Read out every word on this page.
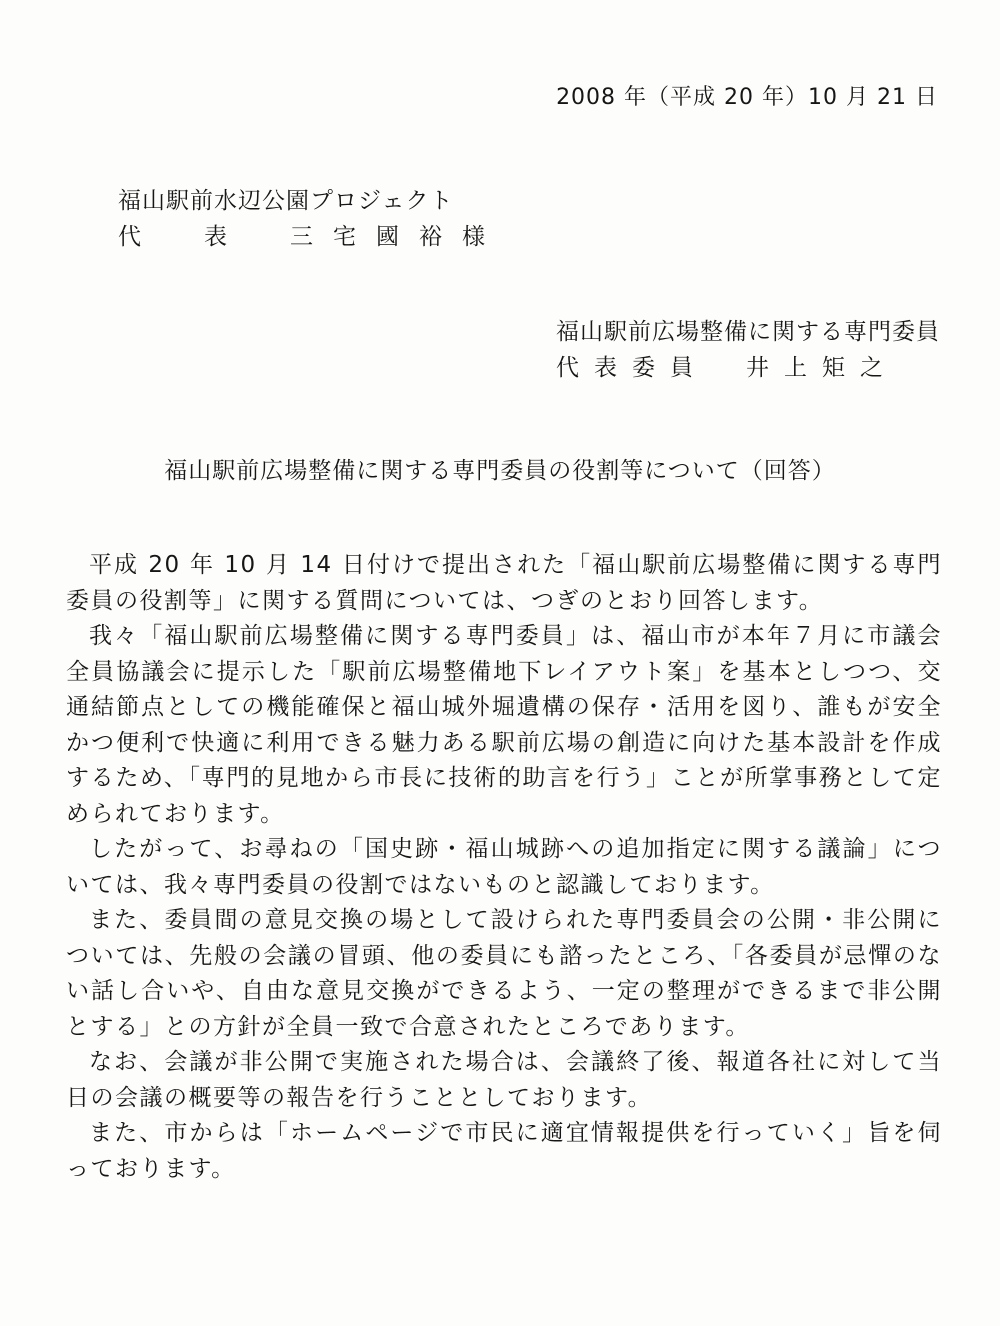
2008 年（平成 20 年）10 月 21 日
福山駅前水辺公園プロジェクト
代　表　三宅國裕様
福山駅前広場整備に関する専門委員
代表委員　井上矩之
福山駅前広場整備に関する専門委員の役割等について（回答）

平成 20 年 10 月 14 日付けで提出された「福山駅前広場整備に関する専門委員の役割等」に関する質問については、つぎのとおり回答します。

我々「福山駅前広場整備に関する専門委員」は、福山市が本年７月に市議会全員協議会に提示した「駅前広場整備地下レイアウト案」を基本としつつ、交通結節点としての機能確保と福山城外堀遺構の保存・活用を図り、誰もが安全かつ便利で快適に利用できる魅力ある駅前広場の創造に向けた基本設計を作成するため、「専門的見地から市長に技術的助言を行う」ことが所掌事務として定められております。

したがって、お尋ねの「国史跡・福山城跡への追加指定に関する議論」については、我々専門委員の役割ではないものと認識しております。

また、委員間の意見交換の場として設けられた専門委員会の公開・非公開については、先般の会議の冒頭、他の委員にも諮ったところ、「各委員が忌憚のない話し合いや、自由な意見交換ができるよう、一定の整理ができるまで非公開とする」との方針が全員一致で合意されたところであります。

なお、会議が非公開で実施された場合は、会議終了後、報道各社に対して当日の会議の概要等の報告を行うこととしております。

また、市からは「ホームページで市民に適宜情報提供を行っていく」旨を伺っております。
